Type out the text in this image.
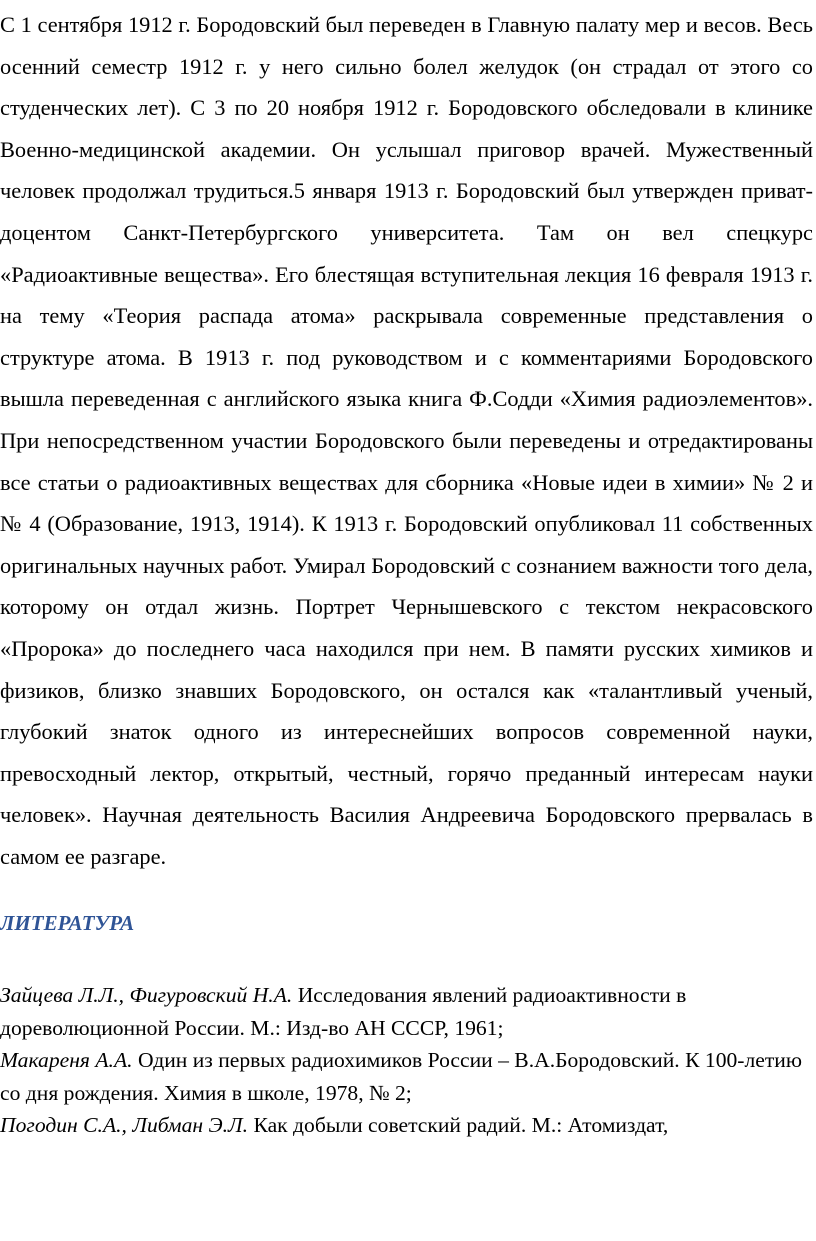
С 1 сентября 1912 г. Бородовский был переведен в Главную палату мер и весов. Весь осенний семестр 1912 г. у него сильно болел желудок (он страдал от этого со студенческих лет). С 3 по 20 ноября 1912 г. Бородовского обследовали в клинике Военно-медицинской академии. Он услышал приговор врачей. Мужественный человек продолжал трудиться.5 января 1913 г. Бородовский был утвержден приват-доцентом Санкт-Петербургского университета. Там он вел спецкурс «Радиоактивные вещества». Его блестящая вступительная лекция 16 февраля 1913 г. на тему «Теория распада атома» раскрывала современные представления о структуре атома. В 1913 г. под руководством и с комментариями Бородовского вышла переведенная с английского языка книга Ф.Содди «Химия радиоэлементов». При непосредственном участии Бородовского были переведены и отредактированы все статьи о радиоактивных веществах для сборника «Новые идеи в химии» № 2 и № 4 (Образование, 1913, 1914). К 1913 г. Бородовский опубликовал 11 собственных оригинальных научных работ. Умирал Бородовский с сознанием важности того дела, которому он отдал жизнь. Портрет Чернышевского с текстом некрасовского «Пророка» до последнего часа находился при нем. В памяти русских химиков и физиков, близко знавших Бородовского, он остался как «талантливый ученый, глубокий знаток одного из интереснейших вопросов современной науки, превосходный лектор, открытый, честный, горячо преданный интересам науки человек». Научная деятельность Василия Андреевича Бородовского прервалась в самом ее разгаре.

ЛИТЕРАТУРА

Зайцева Л.Л., Фигуровский Н.А. Исследования явлений радиоактивности в дореволюционной России. М.: Изд-во АН СССР, 1961;

Макареня А.А. Один из первых радиохимиков России – В.А.Бородовский. К 100-летию со дня рождения. Химия в школе, 1978, № 2;

Погодин С.А., Либман Э.Л. Как добыли советский радий. М.: Атомиздат,
